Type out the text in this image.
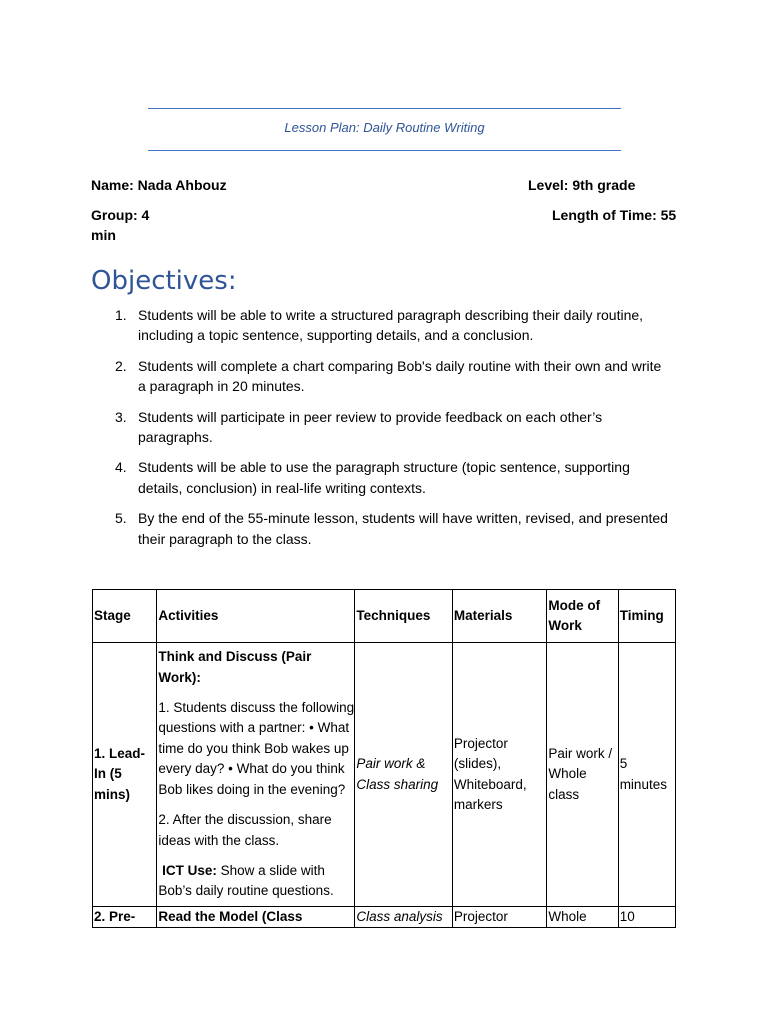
Lesson Plan: Daily Routine Writing
Name: Nada Ahbouz	Level: 9th grade
Group: 4	Length of Time: 55
min
Objectives:
1. Students will be able to write a structured paragraph describing their daily routine, including a topic sentence, supporting details, and a conclusion.
2. Students will complete a chart comparing Bob's daily routine with their own and write a paragraph in 20 minutes.
3. Students will participate in peer review to provide feedback on each other’s paragraphs.
4. Students will be able to use the paragraph structure (topic sentence, supporting details, conclusion) in real-life writing contexts.
5. By the end of the 55-minute lesson, students will have written, revised, and presented their paragraph to the class.
Stage	Activities	Techniques	Materials	Mode of Work	Timing
1. Lead-In (5 mins)	Think and Discuss (Pair Work):

1. Students discuss the following questions with a partner: • What time do you think Bob wakes up every day? • What do you think Bob likes doing in the evening?

2. After the discussion, share ideas with the class.

ICT Use: Show a slide with Bob’s daily routine questions.	Pair work & Class sharing	Projector (slides), Whiteboard, markers	Pair work / Whole class	5 minutes
2. Pre-	Read the Model (Class	Class analysis	Projector	Whole	10
